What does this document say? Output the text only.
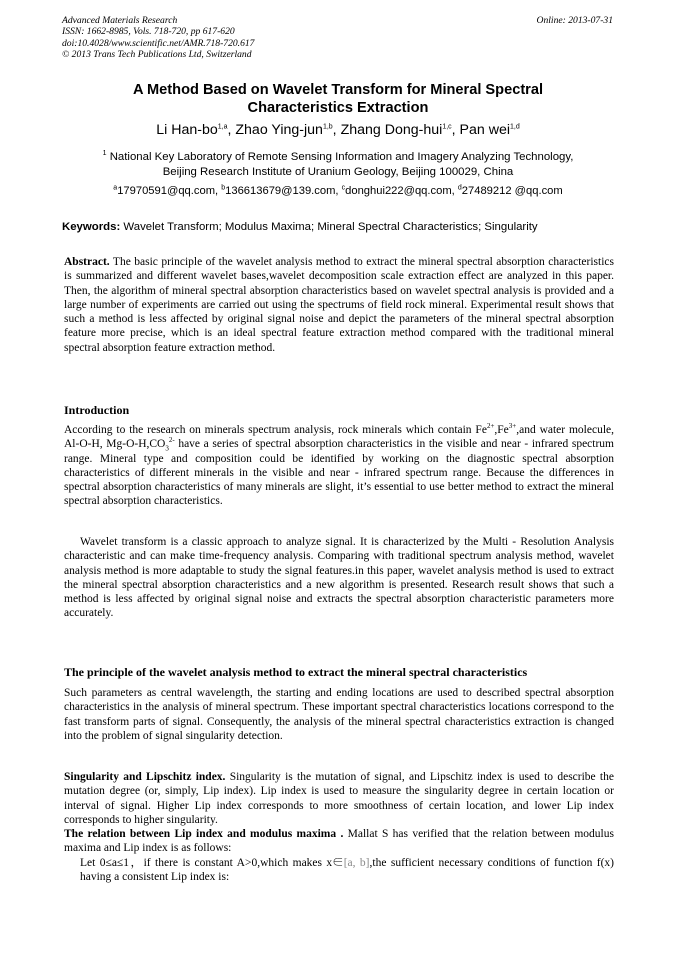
Advanced Materials Research
ISSN: 1662-8985, Vols. 718-720, pp 617-620
doi:10.4028/www.scientific.net/AMR.718-720.617
© 2013 Trans Tech Publications Ltd, Switzerland
Online: 2013-07-31
A Method Based on Wavelet Transform for Mineral Spectral
Characteristics Extraction
Li Han-bo$^{1,a}$, Zhao Ying-jun$^{1,b}$, Zhang Dong-hui$^{1,c}$, Pan wei$^{1,d}$
$^1$ National Key Laboratory of Remote Sensing Information and Imagery Analyzing Technology,
Beijing Research Institute of Uranium Geology, Beijing 100029, China
$^a$17970591@qq.com, $^b$136613679@139.com, $^c$donghui222@qq.com, $^d$27489212 @qq.com
Keywords: Wavelet Transform; Modulus Maxima; Mineral Spectral Characteristics; Singularity

Abstract. The basic principle of the wavelet analysis method to extract the mineral spectral absorption characteristics is summarized and different wavelet bases,wavelet decomposition scale extraction effect are analyzed in this paper. Then, the algorithm of mineral spectral absorption characteristics based on wavelet spectral analysis is provided and a large number of experiments are carried out using the spectrums of field rock mineral. Experimental result shows that such a method is less affected by original signal noise and depict the parameters of the mineral spectral absorption feature more precise, which is an ideal spectral feature extraction method compared with the traditional mineral spectral absorption feature extraction method.

Introduction

According to the research on minerals spectrum analysis, rock minerals which contain $Fe^{2+},Fe^{3+},and$ water molecule, Al-O-H, $Mg-O-H,CO_3^{2-}$ have a series of spectral absorption characteristics in the visible and near - infrared spectrum range. Mineral type and composition could be identified by working on the diagnostic spectral absorption characteristics of different minerals in the visible and near - infrared spectrum range. Because the differences in spectral absorption characteristics of many minerals are slight, it’s essential to use better method to extract the mineral spectral absorption characteristics.

Wavelet transform is a classic approach to analyze signal. It is characterized by the Multi - Resolution Analysis characteristic and can make time-frequency analysis. Comparing with traditional spectrum analysis method, wavelet analysis method is more adaptable to study the signal features.in this paper, wavelet analysis method is used to extract the mineral spectral absorption characteristics and a new algorithm is presented. Research result shows that such a method is less affected by original signal noise and extracts the spectral absorption characteristic parameters more accurately.

The principle of the wavelet analysis method to extract the mineral spectral characteristics

Such parameters as central wavelength, the starting and ending locations are used to described spectral absorption characteristics in the analysis of mineral spectrum. These important spectral characteristics locations correspond to the fast transform parts of signal. Consequently, the analysis of the mineral spectral characteristics extraction is changed into the problem of signal singularity detection.

Singularity and Lipschitz index. Singularity is the mutation of signal, and Lipschitz index is used to describe the mutation degree (or, simply, Lip index). Lip index is used to measure the singularity degree in certain location or interval of signal. Higher Lip index corresponds to more smoothness of certain location, and lower Lip index corresponds to higher singularity.

The relation between Lip index and modulus maxima . Mallat S has verified that the relation between modulus maxima and Lip index is as follows:

Let 0≤a≤1，if there is constant A>0,which makes x∈[a, b],the sufficient necessary conditions of function f(x) having a consistent Lip index is:
